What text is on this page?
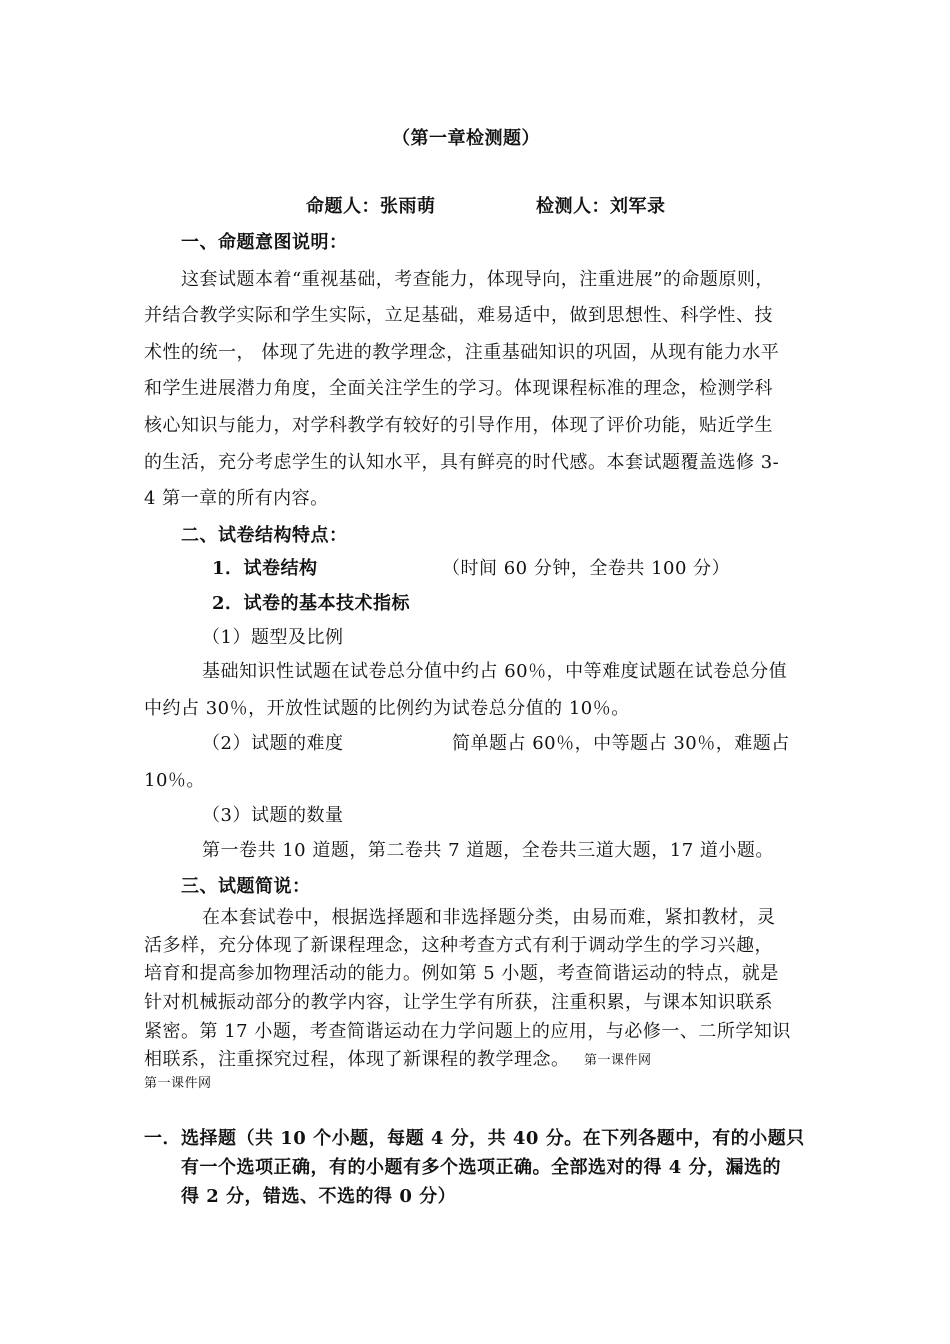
（第一章检测题）
命题人：张雨萌	检测人：刘军录
一、命题意图说明：
这套试题本着“重视基础，考查能力，体现导向，注重进展”的命题原则，
并结合教学实际和学生实际，立足基础，难易适中，做到思想性、科学性、技
术性的统一， 体现了先进的教学理念，注重基础知识的巩固，从现有能力水平
和学生进展潜力角度，全面关注学生的学习。体现课程标准的理念，检测学科
核心知识与能力，对学科教学有较好的引导作用，体现了评价功能，贴近学生
的生活，充分考虑学生的认知水平，具有鲜亮的时代感。本套试题覆盖选修 3-
4 第一章的所有内容。
二、试卷结构特点：
1．试卷结构	（时间 60 分钟，全卷共 100 分）
2．试卷的基本技术指标
（1）题型及比例
基础知识性试题在试卷总分值中约占 60％，中等难度试题在试卷总分值
中约占 30％，开放性试题的比例约为试卷总分值的 10％。
（2）试题的难度	简单题占 60％，中等题占 30％，难题占
10％。
（3）试题的数量
第一卷共 10 道题，第二卷共 7 道题，全卷共三道大题，17 道小题。
三、试题简说：
在本套试卷中，根据选择题和非选择题分类，由易而难，紧扣教材，灵
活多样，充分体现了新课程理念，这种考查方式有利于调动学生的学习兴趣，
培育和提高参加物理活动的能力。例如第 5 小题，考查简谐运动的特点，就是
针对机械振动部分的教学内容，让学生学有所获，注重积累，与课本知识联系
紧密。第 17 小题，考查简谐运动在力学问题上的应用，与必修一、二所学知识
相联系，注重探究过程，体现了新课程的教学理念。 第一课件网
第一课件网
一．选择题（共 10 个小题，每题 4 分，共 40 分。在下列各题中，有的小题只
有一个选项正确，有的小题有多个选项正确。全部选对的得 4 分，漏选的
得 2 分，错选、不选的得 0 分）
